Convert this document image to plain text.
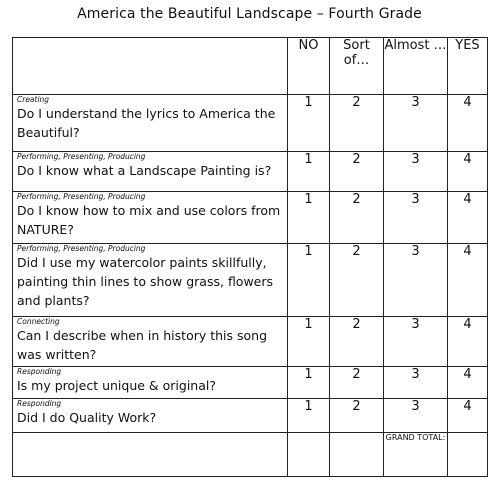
America the Beautiful Landscape – Fourth Grade
	NO	Sort of…	Almost …	YES

Creating
Do I understand the lyrics to America the Beautiful?	1	2	3	4

Performing, Presenting, Producing
Do I know what a Landscape Painting is?	1	2	3	4

Performing, Presenting, Producing
Do I know how to mix and use colors from NATURE?	1	2	3	4

Performing, Presenting, Producing
Did I use my watercolor paints skillfully, painting thin lines to show grass, flowers and plants?	1	2	3	4

Connecting
Can I describe when in history this song was written?	1	2	3	4

Responding
Is my project unique & original?	1	2	3	4

Responding
Did I do Quality Work?	1	2	3	4
			GRAND TOTAL:	
